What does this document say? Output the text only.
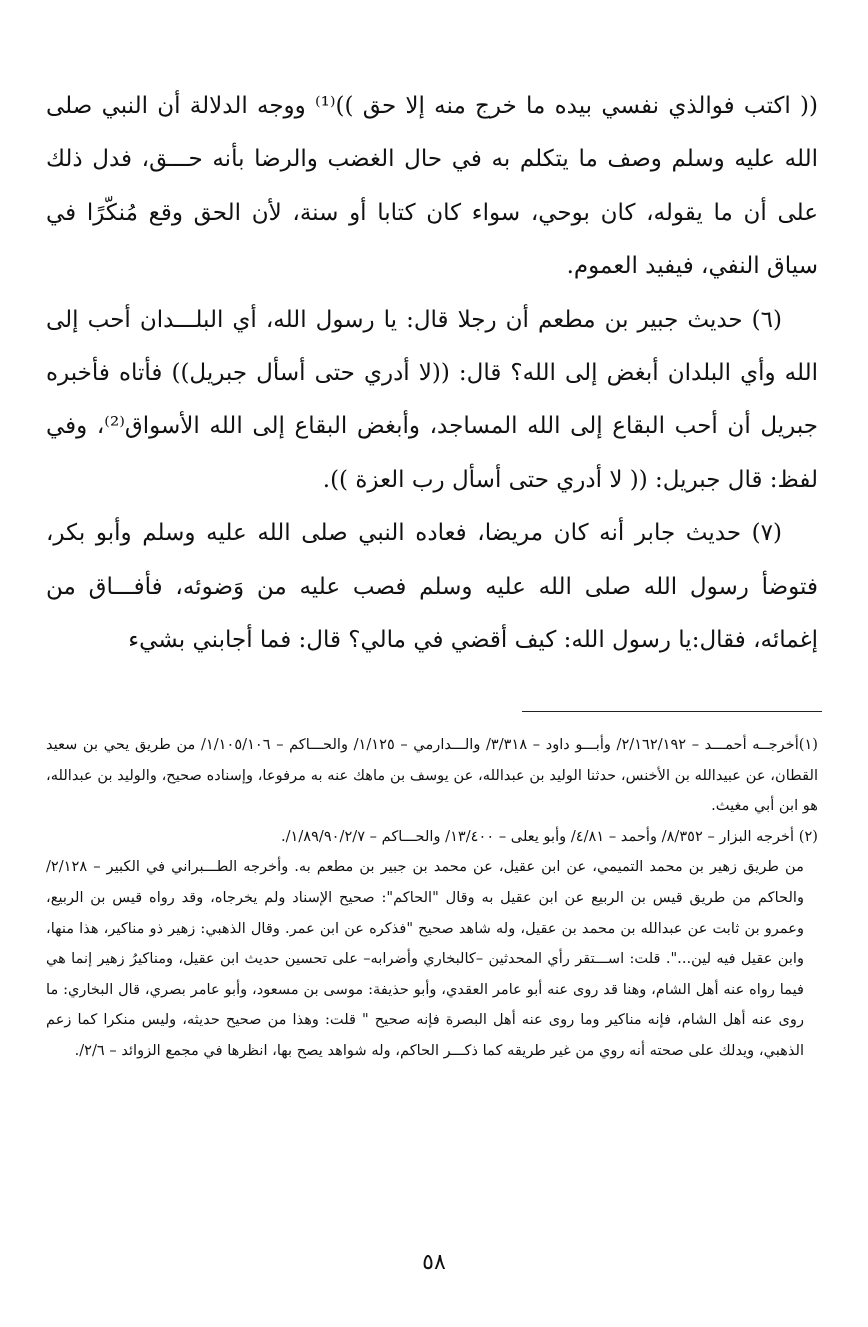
(( اكتب فوالذي نفسي بيده ما خرج منه إلا حق ))⁽¹⁾ ووجه الدلالة أن النبي صلى الله عليه وسلم وصف ما يتكلم به في حال الغضب والرضا بأنه حـــق، فدل ذلك على أن ما يقوله، كان بوحي، سواء كان كتابا أو سنة، لأن الحق وقع مُنكّرًا في سياق النفي، فيفيد العموم.

(٦) حديث جبير بن مطعم أن رجلا قال: يا رسول الله، أي البلـــدان أحب إلى الله وأي البلدان أبغض إلى الله؟ قال: ((لا أدري حتى أسأل جبريل)) فأتاه فأخبره جبريل أن أحب البقاع إلى الله المساجد، وأبغض البقاع إلى الله الأسواق⁽²⁾، وفي لفظ: قال جبريل: (( لا أدري حتى أسأل رب العزة )).

(٧) حديث جابر أنه كان مريضا، فعاده النبي صلى الله عليه وسلم وأبو بكر، فتوضأ رسول الله صلى الله عليه وسلم فصب عليه من وَضوئه، فأفـــاق من إغمائه، فقال:يا رسول الله: كيف أقضي في مالي؟ قال: فما أجابني بشيء

(١)أخرجــه أحمـــد – ٢/١٦٢/١٩٢/ وأبـــو داود – ٣/٣١٨/ والـــدارمي – ١/١٢٥/ والحـــاكم – ١/١٠٥/١٠٦/ من طريق يحي بن سعيد القطان، عن عبيدالله بن الأخنس، حدثنا الوليد بن عبدالله، عن يوسف بن ماهك عنه به مرفوعا، وإسناده صحيح، والوليد بن عبدالله، هو ابن أبي مغيث.

(٢) أخرجه البزار – ٨/٣٥٢/ وأحمد – ٤/٨١/ وأبو يعلى – ١٣/٤٠٠/ والحـــاكم – ١/٨٩/٩٠/٢/٧/.

من طريق زهير بن محمد التميمي، عن ابن عقيل، عن محمد بن جبير بن مطعم به. وأخرجه الطـــبراني في الكبير – ٢/١٢٨/ والحاكم من طريق قيس بن الربيع عن ابن عقيل به وقال "الحاكم": صحيح الإسناد ولم يخرجاه، وقد رواه قيس بن الربيع، وعمرو بن ثابت عن عبدالله بن محمد بن عقيل، وله شاهد صحيح "فذكره عن ابن عمر. وقال الذهبي: زهير ذو مناكير، هذا منها، وابن عقيل فيه لين...". قلت: اســـتقر رأي المحدثين –كالبخاري وأضرابه– على تحسين حديث ابن عقيل، ومناكيرُ زهير إنما هي فيما رواه عنه أهل الشام، وهنا قد روى عنه أبو عامر العقدي، وأبو حذيفة: موسى بن مسعود، وأبو عامر بصري، قال البخاري: ما روى عنه أهل الشام، فإنه مناكير وما روى عنه أهل البصرة فإنه صحيح " قلت: وهذا من صحيح حديثه، وليس منكرا كما زعم الذهبي، ويدلك على صحته أنه روي من غير طريقه كما ذكـــر الحاكم، وله شواهد يصح بها، انظرها في مجمع الزوائد – ٢/٦/.

٥٨
